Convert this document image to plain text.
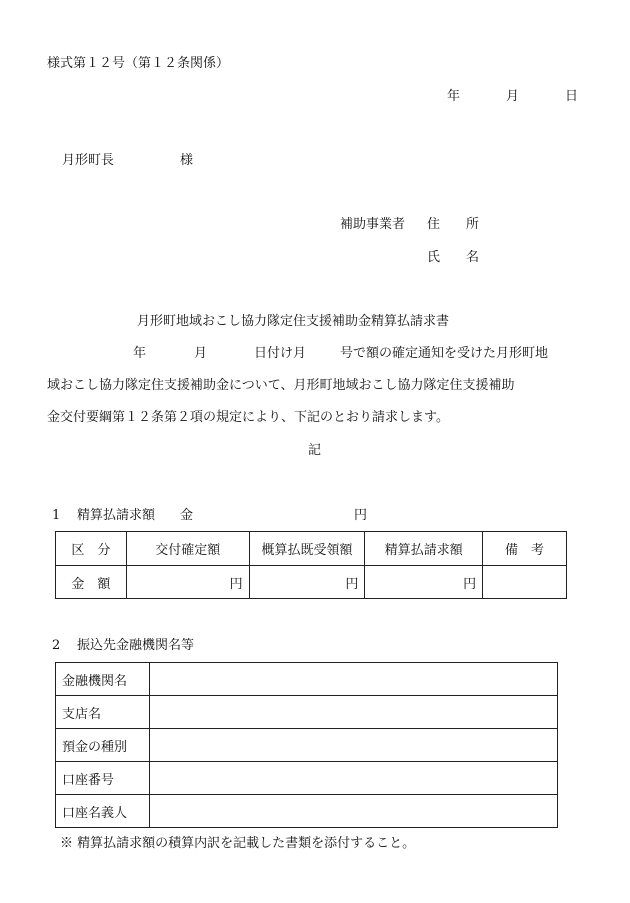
様式第１２号（第１２条関係）
年	月	日
月形町長	様
補助事業者 住　　所
氏　　名
月形町地域おこし協力隊定住支援補助金精算払請求書
年	月	日付け月	号で額の確定通知を受けた月形町地
域おこし協力隊定住支援補助金について、月形町地域おこし協力隊定住支援補助
金交付要綱第１２条第２項の規定により、下記のとおり請求します。
記
1 精算払請求額 金	円
区　分	交付確定額	概算払既受領額	精算払請求額	備　考
金　額	円	円	円	
2 振込先金融機関名等
金融機関名	
支店名	
預金の種別	
口座番号	
口座名義人	
※ 精算払請求額の積算内訳を記載した書類を添付すること。
